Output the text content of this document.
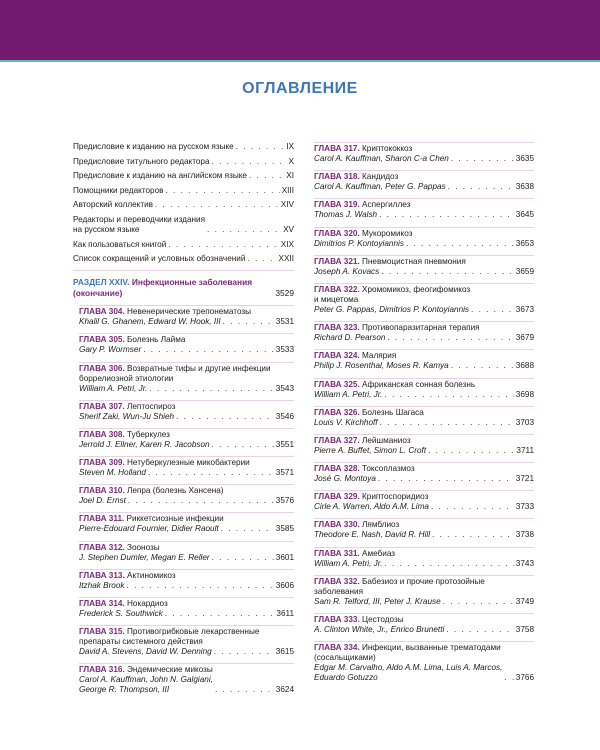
ОГЛАВЛЕНИЕ
Предисловие к изданию на русском языке . . .	IX
Предисловие титульного редактора . . .	X
Предисловие к изданию на английском языке . . .	XI
Помощники редакторов . . .	XIII
Авторский коллектив . . .	XIV
Редакторы и переводчики издания
на русском языке . . .	XV
Как пользоваться книгой . . .	XIX
Список сокращений и условных обозначений . . .	XXII
РАЗДЕЛ XXIV. Инфекционные заболевания
(окончание)	3529
ГЛАВА 304. Невенерические трепонематозы
Khalil G. Ghanem, Edward W. Hook, III . . .	3531
ГЛАВА 305. Болезнь Лайма
Gary P. Wormser . . .	3533
ГЛАВА 306. Возвратные тифы и другие инфекции
боррелиозной этиологии
William A. Petri, Jr. . . .	3543
ГЛАВА 307. Лептоспироз
Sherif Zaki, Wun-Ju Shieh . . .	3546
ГЛАВА 308. Туберкулез
Jerrold J. Ellner, Karen R. Jacobson . . .	3551
ГЛАВА 309. Нетуберкулезные микобактерии
Steven M. Holland . . .	3571
ГЛАВА 310. Лепра (болезнь Хансена)
Joel D. Ernst . . .	3576
ГЛАВА 311. Риккетсиозные инфекции
Pierre-Edouard Fournier, Didier Raoult . . .	3585
ГЛАВА 312. Зоонозы
J. Stephen Dumler, Megan E. Reller . . .	3601
ГЛАВА 313. Актиномикоз
Itzhak Brook . . .	3606
ГЛАВА 314. Нокардиоз
Frederick S. Southwick . . .	3611
ГЛАВА 315. Противогрибковые лекарственные
препараты системного действия
David A. Stevens, David W. Denning . . .	3615
ГЛАВА 316. Эндемические микозы
Carol A. Kauffman, John N. Galgiani,
George R. Thompson, III . . .	3624
ГЛАВА 317. Криптококкоз
Carol A. Kauffman, Sharon C-a Chen . . .	3635
ГЛАВА 318. Кандидоз
Carol A. Kauffman, Peter G. Pappas . . .	3638
ГЛАВА 319. Аспергиллез
Thomas J. Walsh . . .	3645
ГЛАВА 320. Мукоромикоз
Dimitrios P. Kontoyiannis . . .	3653
ГЛАВА 321. Пневмоцистная пневмония
Joseph A. Kovacs . . .	3659
ГЛАВА 322. Хромомикоз, феогифомикоз
и мицетома
Peter G. Pappas, Dimitrios P. Kontoyiannis . . .	3673
ГЛАВА 323. Противопаразитарная терапия
Richard D. Pearson . . .	3679
ГЛАВА 324. Малярия
Philip J. Rosenthal, Moses R. Kamya . . .	3688
ГЛАВА 325. Африканская сонная болезнь
William A. Petri, Jr. . . .	3698
ГЛАВА 326. Болезнь Шагаса
Louis V. Kirchhoff . . .	3703
ГЛАВА 327. Лейшманиоз
Pierre A. Buffet, Simon L. Croft . . .	3711
ГЛАВА 328. Токсоплазмоз
José G. Montoya . . .	3721
ГЛАВА 329. Криптоспоридиоз
Cirle A. Warren, Aldo A.M. Lima . . .	3733
ГЛАВА 330. Лямблиоз
Theodore E. Nash, David R. Hill . . .	3738
ГЛАВА 331. Амебиаз
William A. Petri, Jr. . . .	3743
ГЛАВА 332. Бабезиоз и прочие протозойные
заболевания
Sam R. Telford, III, Peter J. Krause . . .	3749
ГЛАВА 333. Цестодозы
A. Clinton White, Jr., Enrico Brunetti . . .	3758
ГЛАВА 334. Инфекции, вызванные трематодами
(сосальщиками)
Edgar M. Carvalho, Aldo A.M. Lima, Luis A. Marcos,
Eduardo Gotuzzo . . .	3766
